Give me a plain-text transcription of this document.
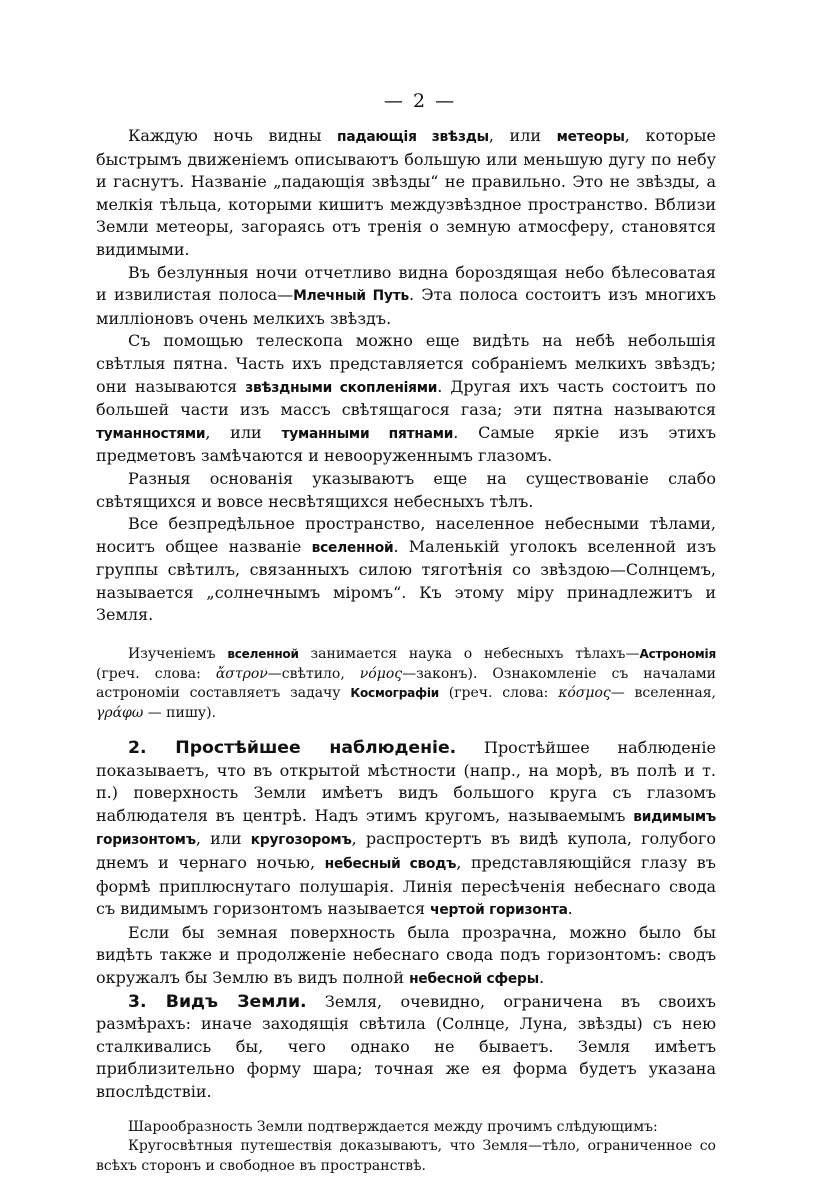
— 2 —

Каждую ночь видны падающія звѣзды, или метеоры, которые быстрымъ движеніемъ описываютъ большую или меньшую дугу по небу и гаснутъ. Названіе „падающія звѣзды“ не правильно. Это не звѣзды, а мелкія тѣльца, которыми кишитъ междузвѣздное пространство. Вблизи Земли метеоры, загораясь отъ тренія о земную атмосферу, становятся видимыми.

Въ безлунныя ночи отчетливо видна бороздящая небо бѣлесоватая и извилистая полоса—Млечный Путь. Эта полоса состоитъ изъ многихъ милліоновъ очень мелкихъ звѣздъ.

Съ помощью телескопа можно еще видѣть на небѣ небольшія свѣтлыя пятна. Часть ихъ представляется собраніемъ мелкихъ звѣздъ; они называются звѣздными скопленіями. Другая ихъ часть состоитъ по большей части изъ массъ свѣтящагося газа; эти пятна называются туманностями, или туманными пятнами. Самые яркіе изъ этихъ предметовъ замѣчаются и невооруженнымъ глазомъ.

Разныя основанія указываютъ еще на существованіе слабо свѣтящихся и вовсе несвѣтящихся небесныхъ тѣлъ.

Все безпредѣльное пространство, населенное небесными тѣлами, носитъ общее названіе вселенной. Маленькій уголокъ вселенной изъ группы свѣтилъ, связанныхъ силою тяготѣнія со звѣздою—Солнцемъ, называется „солнечнымъ міромъ“. Къ этому міру принадлежитъ и Земля.

Изученіемъ вселенной занимается наука о небесныхъ тѣлахъ—Астрономія (греч. слова: ἄστρον—свѣтило, νόμος—законъ). Ознакомленіе съ началами астрономіи составляетъ задачу Космографіи (греч. слова: κόσμος— вселенная, γράφω — пишу).

2. Простѣйшее наблюденіе. Простѣйшее наблюденіе показываетъ, что въ открытой мѣстности (напр., на морѣ, въ полѣ и т. п.) поверхность Земли имѣетъ видъ большого круга съ глазомъ наблюдателя въ центрѣ. Надъ этимъ кругомъ, называемымъ видимымъ горизонтомъ, или кругозоромъ, распростертъ въ видѣ купола, голубого днемъ и чернаго ночью, небесный сводъ, представляющійся глазу въ формѣ приплюснутаго полушарія. Линія пересѣченія небеснаго свода съ видимымъ горизонтомъ называется чертой горизонта.

Если бы земная поверхность была прозрачна, можно было бы видѣть также и продолженіе небеснаго свода подъ горизонтомъ: сводъ окружалъ бы Землю въ видъ полной небесной сферы.

3. Видъ Земли. Земля, очевидно, ограничена въ своихъ размѣрахъ: иначе заходящія свѣтила (Солнце, Луна, звѣзды) съ нею сталкивались бы, чего однако не бываетъ. Земля имѣетъ приблизительно форму шара; точная же ея форма будетъ указана впослѣдствіи.

Шарообразность Земли подтверждается между прочимъ слѣдующимъ:

Кругосвѣтныя путешествія доказываютъ, что Земля—тѣло, ограниченное со всѣхъ сторонъ и свободное въ пространствѣ.
